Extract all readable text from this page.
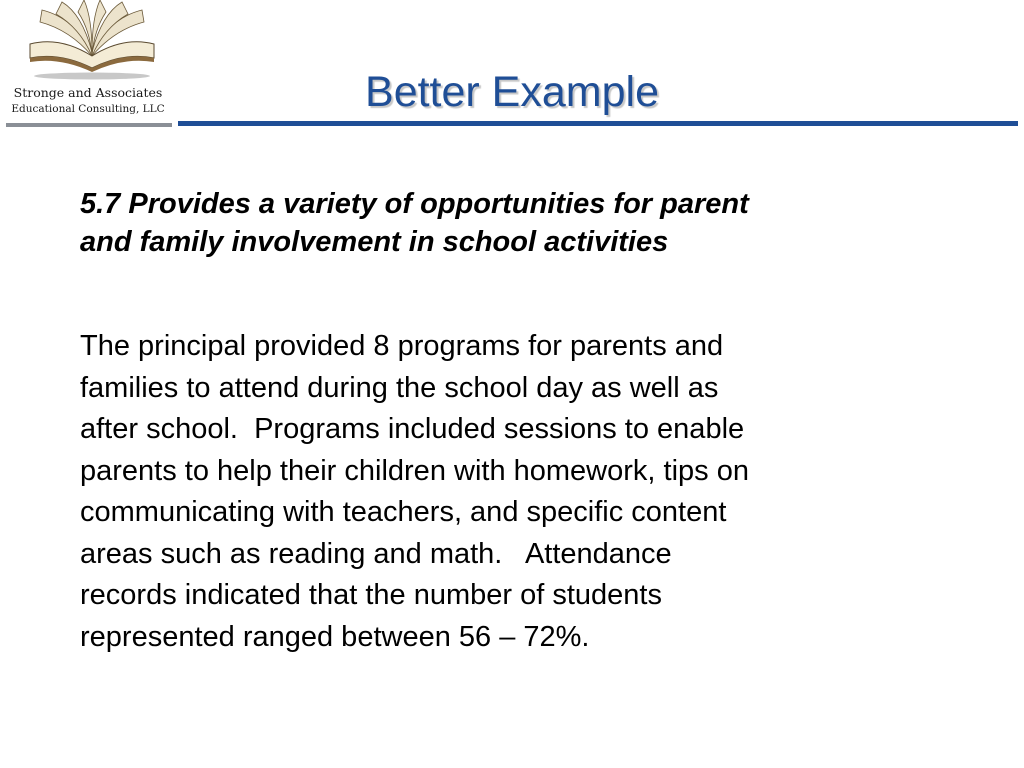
Stronge and Associates
Educational Consulting, LLC	Better Example
5.7 Provides a variety of opportunities for parent
and family involvement in school activities
The principal provided 8 programs for parents and
families to attend during the school day as well as
after school.  Programs included sessions to enable
parents to help their children with homework, tips on
communicating with teachers, and specific content
areas such as reading and math.   Attendance
records indicated that the number of students
represented ranged between 56 – 72%.
